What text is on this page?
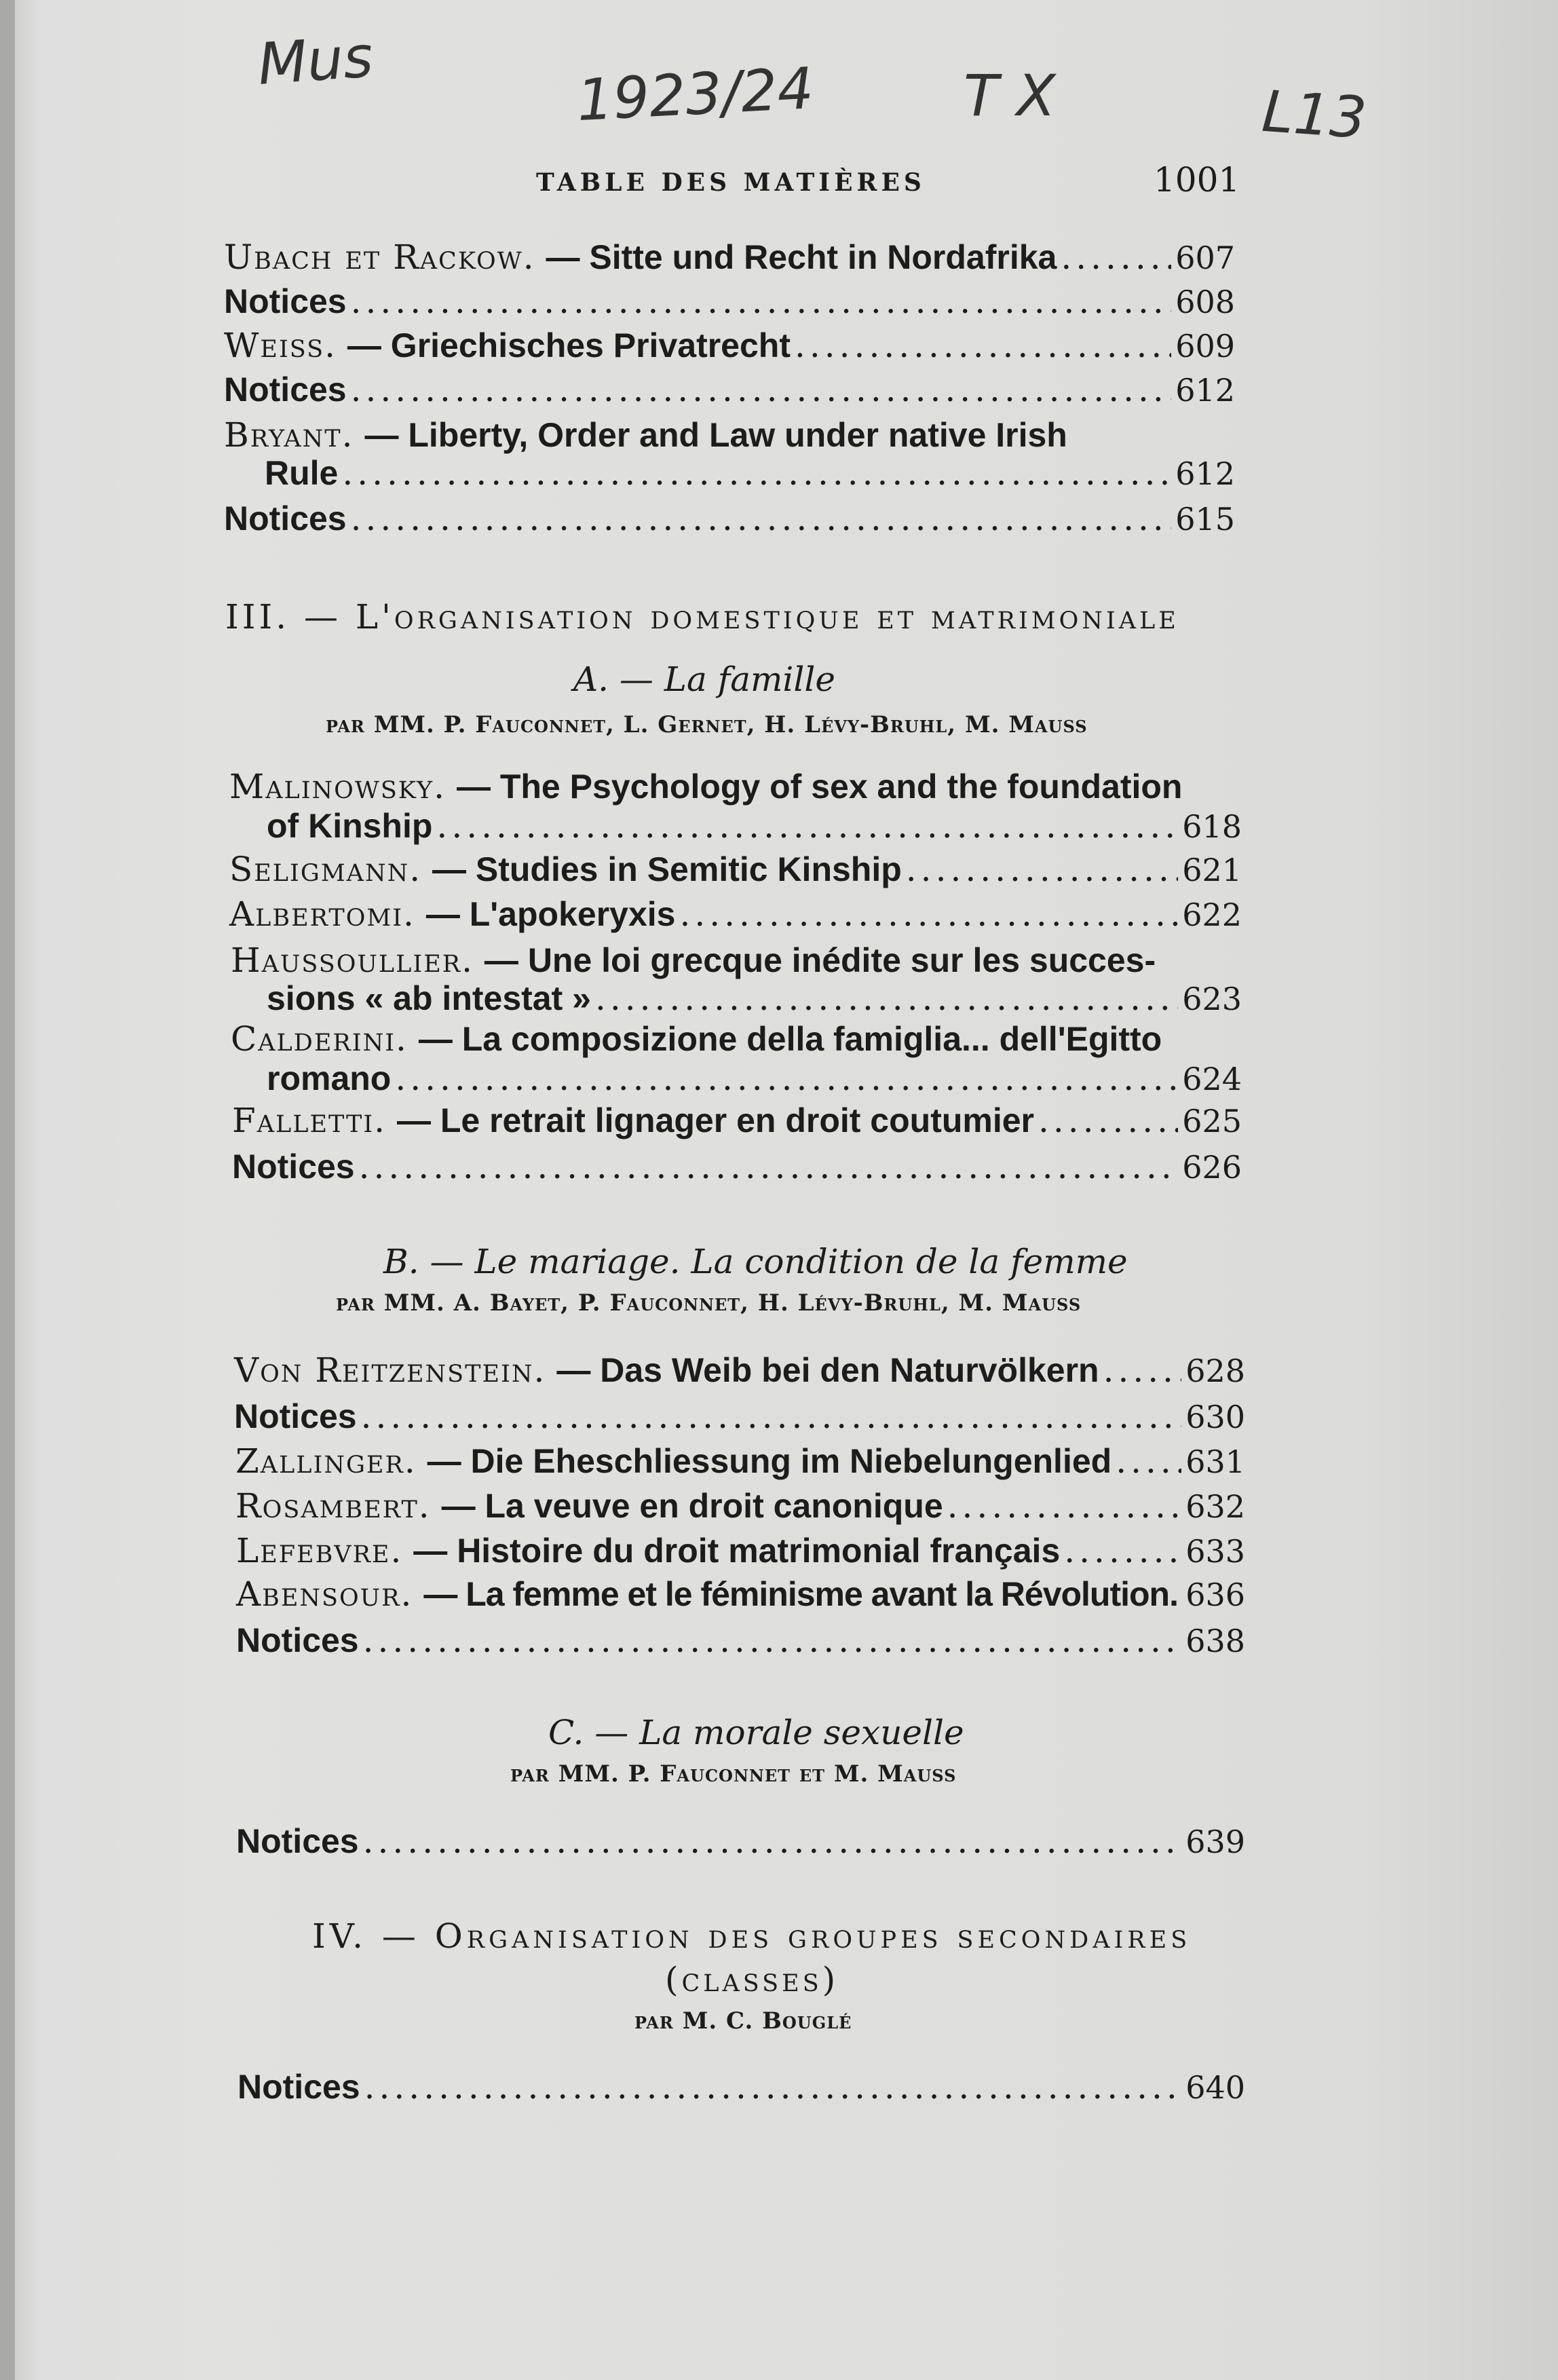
Mus	1923/24	T X	L13
TABLE DES MATIÈRES	1001
Ubach et Rackow.
— Sitte und Recht in Nordafrika .....	607
Notices .....	608
Weiss.
— Griechisches Privatrecht .....	609
Notices .....	612
Bryant.
— Liberty, Order and Law under native Irish
Rule .....	612
Notices .....	615
III. — L'organisation domestique et matrimoniale
A. — La famille
par MM. P. Fauconnet, L. Gernet, H. Lévy-Bruhl, M. Mauss
Malinowsky.
— The Psychology of sex and the foundation
of Kinship .....	618
Seligmann.
— Studies in Semitic Kinship .....	621
Albertomi.
— L'apokeryxis .....	622
Haussoullier.
— Une loi grecque inédite sur les succes-
sions « ab intestat » .....	623
Calderini.
— La composizione della famiglia... dell'Egitto
romano .....	624
Falletti.
— Le retrait lignager en droit coutumier .....	625
Notices .....	626
B. — Le mariage. La condition de la femme
par MM. A. Bayet, P. Fauconnet, H. Lévy-Bruhl, M. Mauss
Von Reitzenstein.
— Das Weib bei den Naturvölkern .....	628
Notices .....	630
Zallinger.
— Die Eheschliessung im Niebelungenlied ..... 631
Rosambert.
— La veuve en droit canonique .....	632
Lefebvre.
— Histoire du droit matrimonial français .....	633
Abensour.
— La femme et le féminisme avant la Révolution. 636
Notices .....	638
C. — La morale sexuelle
par MM. P. Fauconnet et M. Mauss
Notices .....	639
IV. — Organisation des groupes secondaires
(classes)
par M. C. Bouglé
Notices .....	640
